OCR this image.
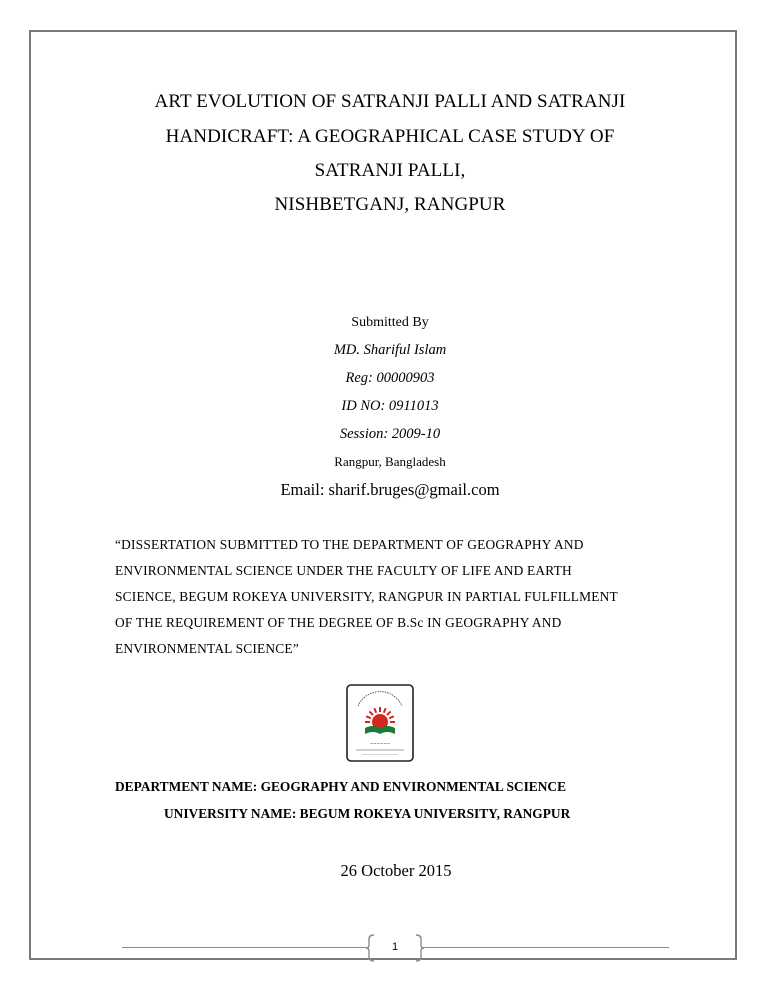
ART EVOLUTION OF SATRANJI PALLI AND SATRANJI
HANDICRAFT: A GEOGRAPHICAL CASE STUDY OF
SATRANJI PALLI,
NISHBETGANJ, RANGPUR
Submitted By
MD. Shariful Islam
Reg: 00000903
ID NO: 0911013
Session: 2009-10
Rangpur, Bangladesh
Email: sharif.bruges@gmail.com
“DISSERTATION SUBMITTED TO THE DEPARTMENT OF GEOGRAPHY AND
ENVIRONMENTAL SCIENCE UNDER THE FACULTY OF LIFE AND EARTH
SCIENCE, BEGUM ROKEYA UNIVERSITY, RANGPUR IN PARTIAL FULFILLMENT
OF THE REQUIREMENT OF THE DEGREE OF B.Sc IN GEOGRAPHY AND
ENVIRONMENTAL SCIENCE”
~~~~~~
~~~~~~~~~~~~
DEPARTMENT NAME: GEOGRAPHY AND ENVIRONMENTAL SCIENCE
UNIVERSITY NAME: BEGUM ROKEYA UNIVERSITY, RANGPUR
26 October 2015
1
